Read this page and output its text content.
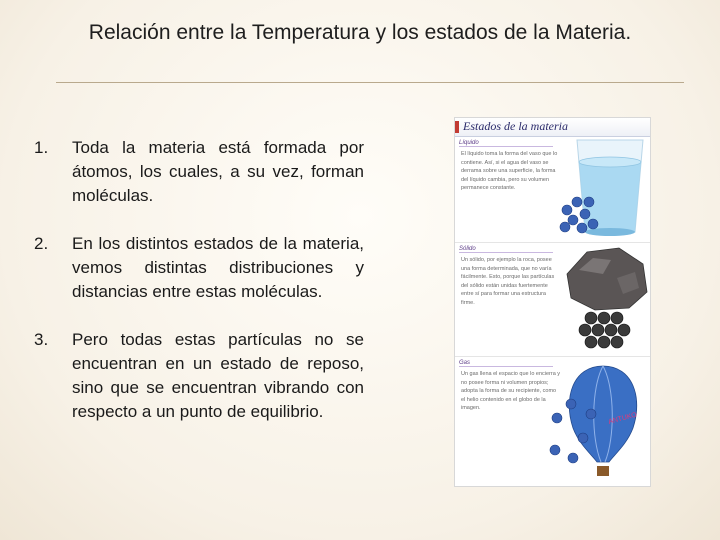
Relación entre la Temperatura y los estados de la Materia.
1.	Toda la materia está formada por átomos, los cuales, a su vez, forman moléculas.
2.	En los distintos estados de la materia, vemos distintas distribuciones y distancias entre estas moléculas.
3.	Pero todas estas partículas no se encuentran en un estado de reposo, sino que se encuentran vibrando con respecto a un punto de equilibrio.
Estados de la materia
Líquido
El líquido toma la forma del vaso que lo contiene. Así, si el agua del vaso se derrama sobre una superficie, la forma del líquido cambia, pero su volumen permanece constante.
Sólido
Un sólido, por ejemplo la roca, posee una forma determinada, que no varía fácilmente. Esto, porque las partículas del sólido están unidas fuertemente entre sí para formar una estructura firme.
Gas
Un gas llena el espacio que lo encierra y no posee forma ni volumen propios; adopta la forma de su recipiente, como el helio contenido en el globo de la imagen.
ANTUKO
